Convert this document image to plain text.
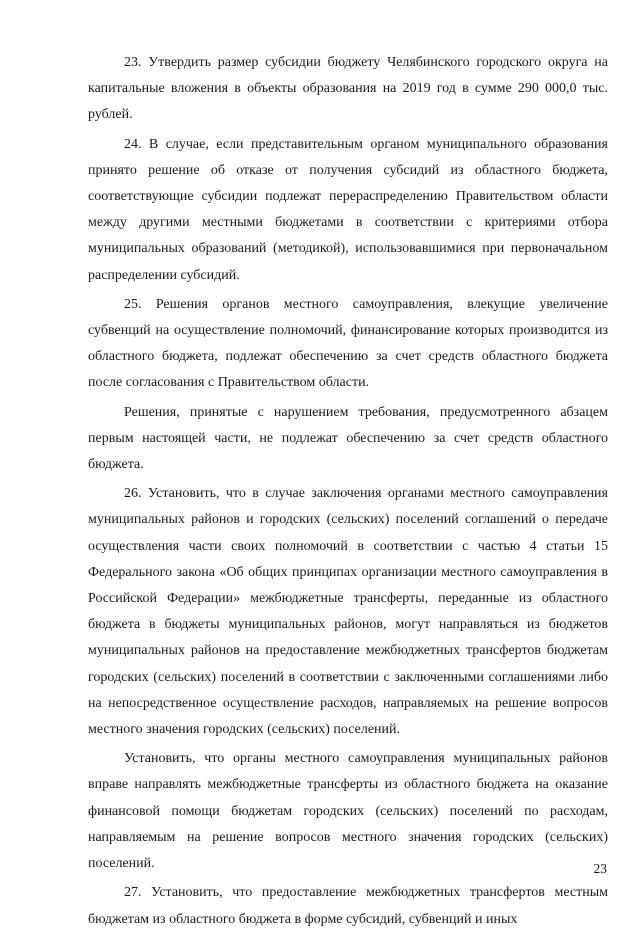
23. Утвердить размер субсидии бюджету Челябинского городского округа на капитальные вложения в объекты образования на 2019 год в сумме 290 000,0 тыс. рублей.

24. В случае, если представительным органом муниципального образования принято решение об отказе от получения субсидий из областного бюджета, соответствующие субсидии подлежат перераспределению Правительством области между другими местными бюджетами в соответствии с критериями отбора муниципальных образований (методикой), использовавшимися при первоначальном распределении субсидий.

25. Решения органов местного самоуправления, влекущие увеличение субвенций на осуществление полномочий, финансирование которых производится из областного бюджета, подлежат обеспечению за счет средств областного бюджета после согласования с Правительством области.

Решения, принятые с нарушением требования, предусмотренного абзацем первым настоящей части, не подлежат обеспечению за счет средств областного бюджета.

26. Установить, что в случае заключения органами местного самоуправления муниципальных районов и городских (сельских) поселений соглашений о передаче осуществления части своих полномочий в соответствии с частью 4 статьи 15 Федерального закона «Об общих принципах организации местного самоуправления в Российской Федерации» межбюджетные трансферты, переданные из областного бюджета в бюджеты муниципальных районов, могут направляться из бюджетов муниципальных районов на предоставление межбюджетных трансфертов бюджетам городских (сельских) поселений в соответствии с заключенными соглашениями либо на непосредственное осуществление расходов, направляемых на решение вопросов местного значения городских (сельских) поселений.

Установить, что органы местного самоуправления муниципальных районов вправе направлять межбюджетные трансферты из областного бюджета на оказание финансовой помощи бюджетам городских (сельских) поселений по расходам, направляемым на решение вопросов местного значения городских (сельских) поселений.

27. Установить, что предоставление межбюджетных трансфертов местным бюджетам из областного бюджета в форме субсидий, субвенций и иных

23
